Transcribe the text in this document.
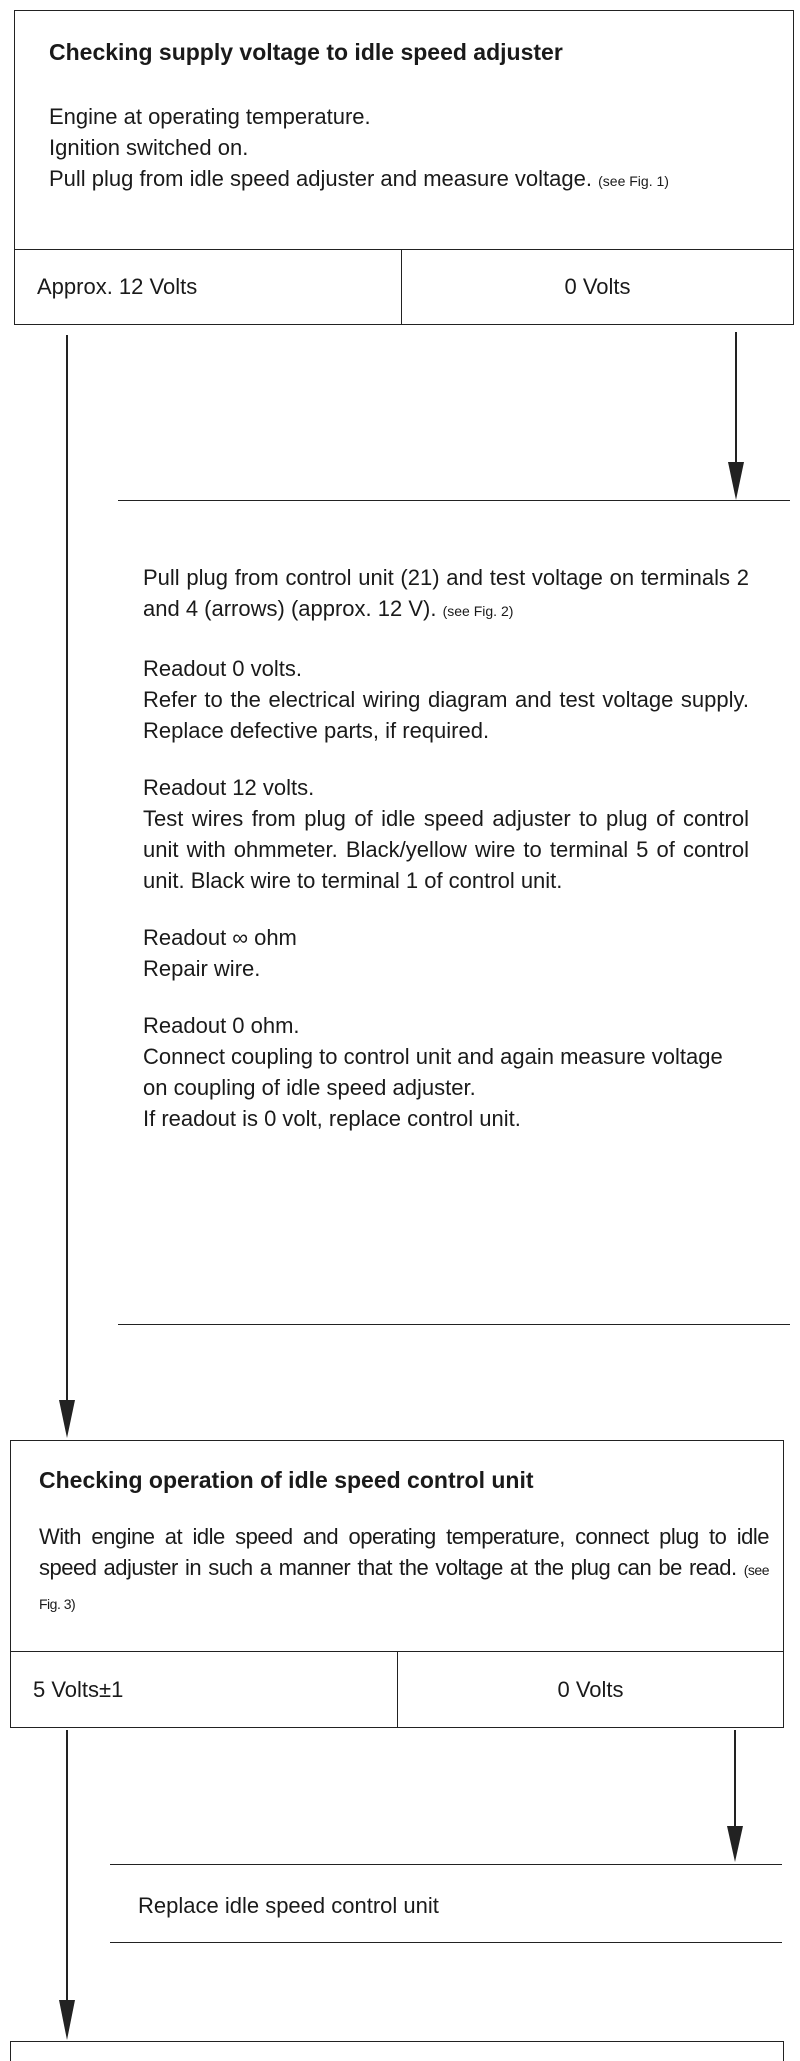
Checking supply voltage to idle speed adjuster
Engine at operating temperature.
Ignition switched on.
Pull plug from idle speed adjuster and measure voltage. (see Fig. 1)
Approx. 12 Volts	0 Volts
Pull plug from control unit (21) and test voltage on terminals 2 and 4 (arrows) (approx. 12 V). (see Fig. 2)
Readout 0 volts.
Refer to the electrical wiring diagram and test voltage supply. Replace defective parts, if required.
Readout 12 volts.
Test wires from plug of idle speed adjuster to plug of control unit with ohmmeter. Black/yellow wire to terminal 5 of control unit. Black wire to terminal 1 of control unit.
Readout ∞ ohm
Repair wire.
Readout 0 ohm.
Connect coupling to control unit and again measure voltage on coupling of idle speed adjuster.
If readout is 0 volt, replace control unit.
Checking operation of idle speed control unit
With engine at idle speed and operating temperature, connect plug to idle speed adjuster in such a manner that the voltage at the plug can be read. (see Fig. 3)
5 Volts±1	0 Volts
Replace idle speed control unit
